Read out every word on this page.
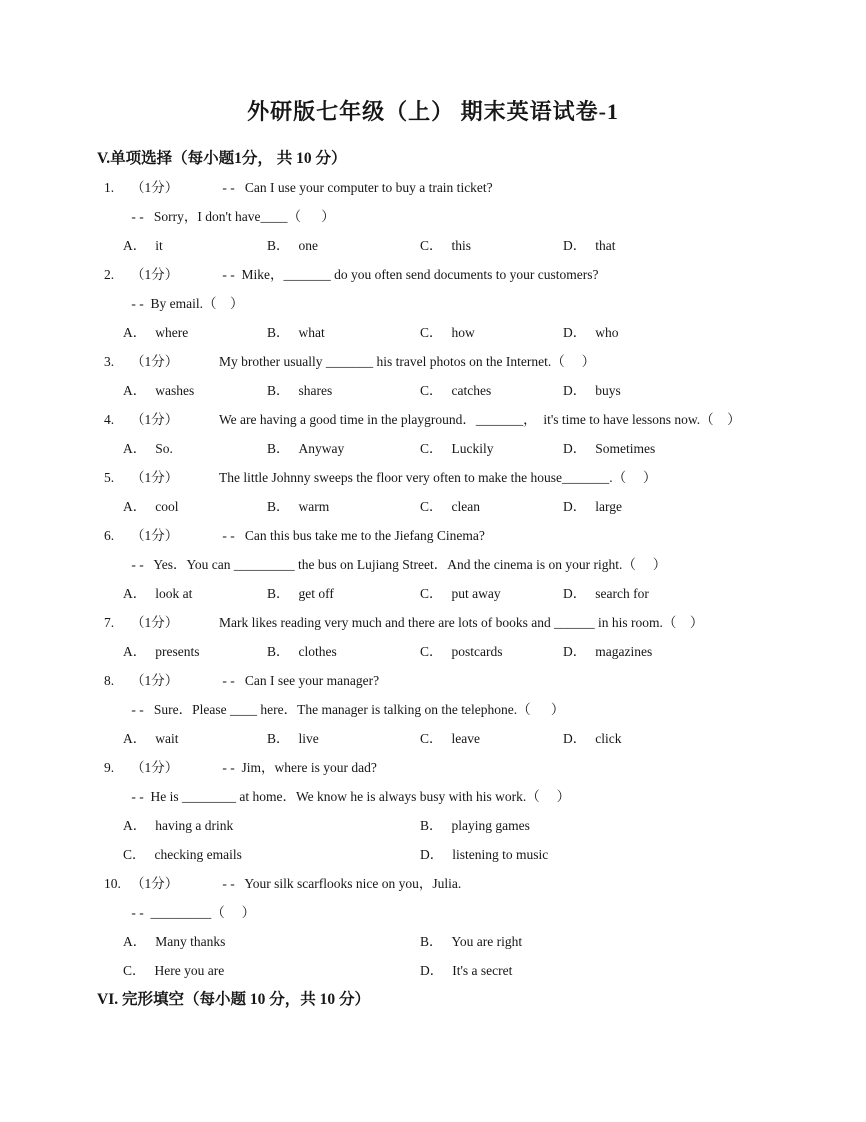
外研版七年级（上） 期末英语试卷-1
V.单项选择（每小题1分， 共 10 分）
1. （1分）	- -   Can I use your computer to buy a train ticket?
- -   Sorry，I don't have____（      ）
A． it	B． one	C． this	D． that
2. （1分）	- -  Mike，_______ do you often send documents to your customers?
- -  By email.（    ）
A． where	B． what	C． how	D． who
3. （1分）	My brother usually _______ his travel photos on the Internet.（     ）
A． washes	B． shares	C． catches	D． buys
4. （1分）	We are having a good time in the playground．_______，  it's time to have lessons now.（    ）
A． So.	B． Anyway	C． Luckily	D． Sometimes
5. （1分）	The little Johnny sweeps the floor very often to make the house_______.（     ）
A． cool	B． warm	C． clean	D． large
6. （1分）	- -   Can this bus take me to the Jiefang Cinema?
- -   Yes．You can _________ the bus on Lujiang Street．And the cinema is on your right.（     ）
A． look at	B． get off	C． put away	D． search for
7. （1分）	Mark likes reading very much and there are lots of books and ______ in his room.（    ）
A． presents	B． clothes	C． postcards	D． magazines
8. （1分）	- -   Can I see your manager?
- -   Sure．Please ____ here．The manager is talking on the telephone.（      ）
A． wait	B． live	C． leave	D． click
9. （1分）	- -  Jim，where is your dad?
- -  He is ________ at home．We know he is always busy with his work.（     ）
A． having a drink	B． playing games
C． checking emails	D． listening to music
10. （1分）	- -   Your silk scarflooks nice on you，Julia.
- -  _________（     ）
A． Many thanks	B． You are right
C． Here you are	D． It's a secret
VI. 完形填空（每小题 10 分，共 10 分）
